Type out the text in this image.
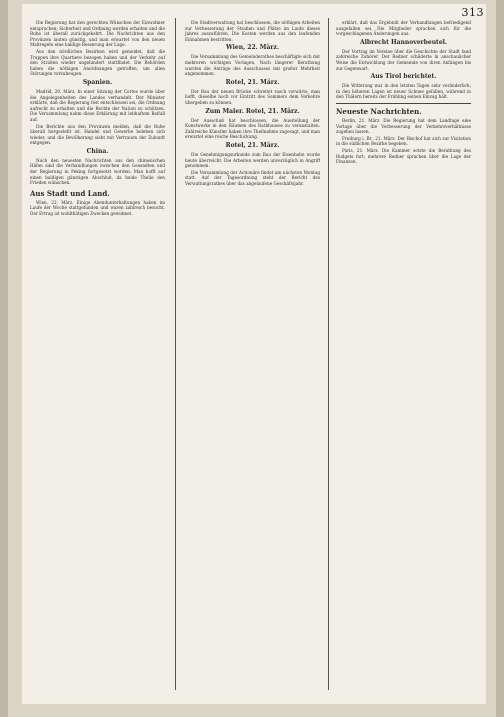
313

Die Regierung hat den gerechten Wünschen der Einwohner entsprochen; Sicherheit und Ordnung werden erhalten und die Ruhe ist überall zurückgekehrt. Die Nachrichten aus den Provinzen lauten günstig, und man erwartet von den neuen Maßregeln eine baldige Besserung der Lage.

Aus den nördlichen Bezirken wird gemeldet, daß die Truppen ihre Quartiere bezogen haben und der Verkehr auf den Straßen wieder ungehindert stattfindet. Die Behörden haben die nöthigen Anordnungen getroffen, um allen Störungen vorzubeugen.

Spanien.

Madrid, 20. März. In einer Sitzung der Cortes wurde über die Angelegenheiten des Landes verhandelt. Der Minister erklärte, daß die Regierung fest entschlossen sei, die Ordnung aufrecht zu erhalten und die Rechte der Nation zu schützen. Die Versammlung nahm diese Erklärung mit lebhaftem Beifall auf.

Die Berichte aus den Provinzen melden, daß die Ruhe überall hergestellt ist. Handel und Gewerbe beleben sich wieder, und die Bevölkerung sieht mit Vertrauen der Zukunft entgegen.

China.

Nach den neuesten Nachrichten aus den chinesischen Häfen sind die Verhandlungen zwischen den Gesandten und der Regierung in Peking fortgesetzt worden. Man hofft auf einen baldigen günstigen Abschluß, da beide Theile den Frieden wünschen.

Aus Stadt und Land.

Wien, 22. März. Einige Abendunterhaltungen haben im Laufe der Woche stattgefunden und waren zahlreich besucht. Der Ertrag ist wohlthätigen Zwecken gewidmet.

Die Stadtverwaltung hat beschlossen, die nöthigen Arbeiten zur Verbesserung der Straßen und Plätze im Laufe dieses Jahres auszuführen. Die Kosten werden aus den laufenden Einnahmen bestritten.

Wien, 22. März.

Die Versammlung des Gemeinderathes beschäftigte sich mit mehreren wichtigen Vorlagen. Nach längerer Berathung wurden die Anträge des Ausschusses mit großer Mehrheit angenommen.

Rotel, 21. März.

Der Bau der neuen Brücke schreitet rasch vorwärts; man hofft, dieselbe noch vor Eintritt des Sommers dem Verkehre übergeben zu können.

Zum Maler. Rotel, 21. März.

Der Ausschuß hat beschlossen, die Ausstellung der Kunstwerke in den Räumen des Rathhauses zu veranstalten. Zahlreiche Künstler haben ihre Theilnahme zugesagt, und man erwartet eine reiche Beschickung.

Rotel, 21. März.

Die Genehmigungsurkunde zum Bau der Eisenbahn wurde heute überreicht. Die Arbeiten werden unverzüglich in Angriff genommen.

Die Versammlung der Actionäre findet am nächsten Montag statt. Auf der Tagesordnung steht der Bericht des Verwaltungsrathes über das abgelaufene Geschäftsjahr.

erklärt, daß das Ergebniß der Verhandlungen befriedigend ausgefallen sei. Die Mitglieder sprachen sich für die vorgeschlagenen Änderungen aus.

Albrecht Hannoverbeutel.

Der Vortrag im Vereine über die Geschichte der Stadt fand zahlreiche Zuhörer. Der Redner schilderte in anschaulicher Weise die Entwicklung der Gemeinde von ihren Anfängen bis zur Gegenwart.

Aus Tirol berichtet.

Die Witterung war in den letzten Tagen sehr veränderlich; in den höheren Lagen ist neuer Schnee gefallen, während in den Thälern bereits der Frühling seinen Einzug hält.

Neueste Nachrichten.

Berlin, 21. März. Die Regierung hat dem Landtage eine Vorlage über die Verbesserung der Verkehrsverhältnisse zugehen lassen.

Freiburg i. Br., 21. März. Der Bischof hat sich zur Visitation in die südlichen Bezirke begeben.

Paris, 21. März. Die Kammer setzte die Berathung des Budgets fort; mehrere Redner sprachen über die Lage der Finanzen.
